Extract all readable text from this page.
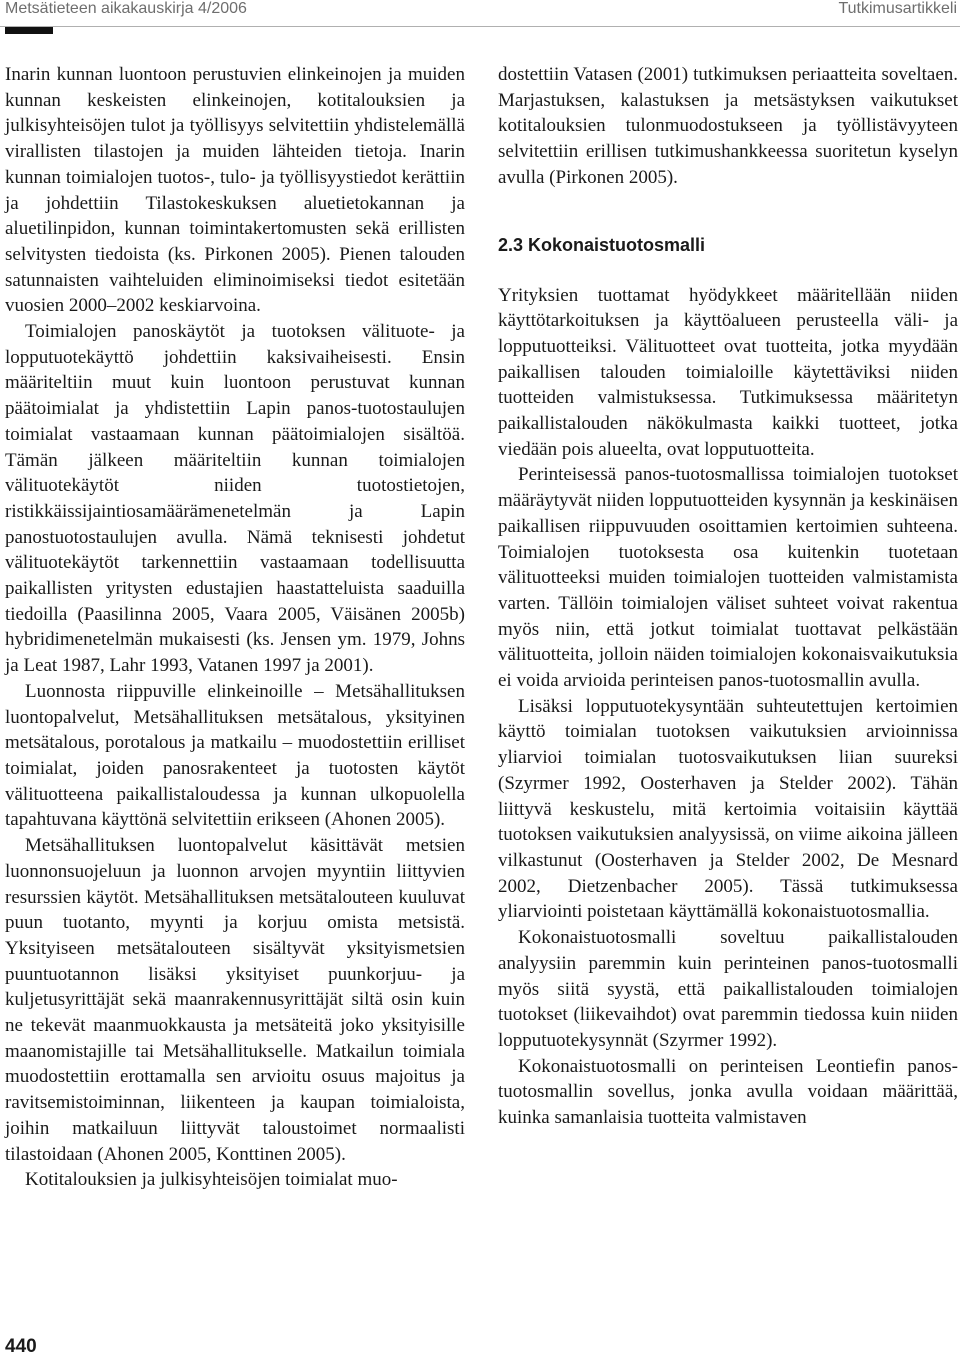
Metsätieteen aikakauskirja 4/2006	Tutkimusartikkeli

Inarin kunnan luontoon perustuvien elinkeinojen ja muiden kunnan keskeisten elinkeinojen, kotitalouksien ja julkisyhteisöjen tulot ja työllisyys selvitettiin yhdistelemällä virallisten tilastojen ja muiden lähteiden tietoja. Inarin kunnan toimialojen tuotos-, tulo- ja työllisyystiedot kerättiin ja johdettiin Tilastokeskuksen aluetietokannan ja aluetilinpidon, kunnan toimintakertomusten sekä erillisten selvitysten tiedoista (ks. Pirkonen 2005). Pienen talouden satunnaisten vaihteluiden eliminoimiseksi tiedot esitetään vuosien 2000–2002 keskiarvoina.

Toimialojen panoskäytöt ja tuotoksen välituote- ja lopputuotekäyttö johdettiin kaksivaiheisesti. Ensin määriteltiin muut kuin luontoon perustuvat kunnan päätoimialat ja yhdistettiin Lapin panos-tuotostaulujen toimialat vastaamaan kunnan päätoimialojen sisältöä. Tämän jälkeen määriteltiin kunnan toimialojen välituotekäytöt niiden tuotostietojen, ristikkäissijaintiosamäärämenetelmän ja Lapin panostuotostaulujen avulla. Nämä teknisesti johdetut välituotekäytöt tarkennettiin vastaamaan todellisuutta paikallisten yritysten edustajien haastatteluista saaduilla tiedoilla (Paasilinna 2005, Vaara 2005, Väisänen 2005b) hybridimenetelmän mukaisesti (ks. Jensen ym. 1979, Johns ja Leat 1987, Lahr 1993, Vatanen 1997 ja 2001).

Luonnosta riippuville elinkeinoille – Metsähallituksen luontopalvelut, Metsähallituksen metsätalous, yksityinen metsätalous, porotalous ja matkailu – muodostettiin erilliset toimialat, joiden panosrakenteet ja tuotosten käytöt välituotteena paikallistaloudessa ja kunnan ulkopuolella tapahtuvana käyttönä selvitettiin erikseen (Ahonen 2005).

Metsähallituksen luontopalvelut käsittävät metsien luonnonsuojeluun ja luonnon arvojen myyntiin liittyvien resurssien käytöt. Metsähallituksen metsätalouteen kuuluvat puun tuotanto, myynti ja korjuu omista metsistä. Yksityiseen metsätalouteen sisältyvät yksityismetsien puuntuotannon lisäksi yksityiset puunkorjuu- ja kuljetusyrittäjät sekä maanrakennusyrittäjät siltä osin kuin ne tekevät maanmuokkausta ja metsäteitä joko yksityisille maanomistajille tai Metsähallitukselle. Matkailun toimiala muodostettiin erottamalla sen arvioitu osuus majoitus ja ravitsemistoiminnan, liikenteen ja kaupan toimialoista, joihin matkailuun liittyvät taloustoimet normaalisti tilastoidaan (Ahonen 2005, Konttinen 2005).

Kotitalouksien ja julkisyhteisöjen toimialat muo-

dostettiin Vatasen (2001) tutkimuksen periaatteita soveltaen. Marjastuksen, kalastuksen ja metsästyksen vaikutukset kotitalouksien tulonmuodostukseen ja työllistävyyteen selvitettiin erillisen tutkimushankkeessa suoritetun kyselyn avulla (Pirkonen 2005).

2.3 Kokonaistuotosmalli

Yrityksien tuottamat hyödykkeet määritellään niiden käyttötarkoituksen ja käyttöalueen perusteella väli- ja lopputuotteiksi. Välituotteet ovat tuotteita, jotka myydään paikallisen talouden toimialoille käytettäviksi niiden tuotteiden valmistuksessa. Tutkimuksessa määritetyn paikallistalouden näkökulmasta kaikki tuotteet, jotka viedään pois alueelta, ovat lopputuotteita.

Perinteisessä panos-tuotosmallissa toimialojen tuotokset määräytyvät niiden lopputuotteiden kysynnän ja keskinäisen paikallisen riippuvuuden osoittamien kertoimien suhteena. Toimialojen tuotoksesta osa kuitenkin tuotetaan välituotteeksi muiden toimialojen tuotteiden valmistamista varten. Tällöin toimialojen väliset suhteet voivat rakentua myös niin, että jotkut toimialat tuottavat pelkästään välituotteita, jolloin näiden toimialojen kokonaisvaikutuksia ei voida arvioida perinteisen panos-tuotosmallin avulla.

Lisäksi lopputuotekysyntään suhteutettujen kertoimien käyttö toimialan tuotoksen vaikutuksien arvioinnissa yliarvioi toimialan tuotosvaikutuksen liian suureksi (Szyrmer 1992, Oosterhaven ja Stelder 2002). Tähän liittyvä keskustelu, mitä kertoimia voitaisiin käyttää tuotoksen vaikutuksien analyysissä, on viime aikoina jälleen vilkastunut (Oosterhaven ja Stelder 2002, De Mesnard 2002, Dietzenbacher 2005). Tässä tutkimuksessa yliarviointi poistetaan käyttämällä kokonaistuotosmallia.

Kokonaistuotosmalli soveltuu paikallistalouden analyysiin paremmin kuin perinteinen panos-tuotosmalli myös siitä syystä, että paikallistalouden toimialojen tuotokset (liikevaihdot) ovat paremmin tiedossa kuin niiden lopputuotekysynnät (Szyrmer 1992).

Kokonaistuotosmalli on perinteisen Leontiefin panos-tuotosmallin sovellus, jonka avulla voidaan määrittää, kuinka samanlaisia tuotteita valmistaven

440
